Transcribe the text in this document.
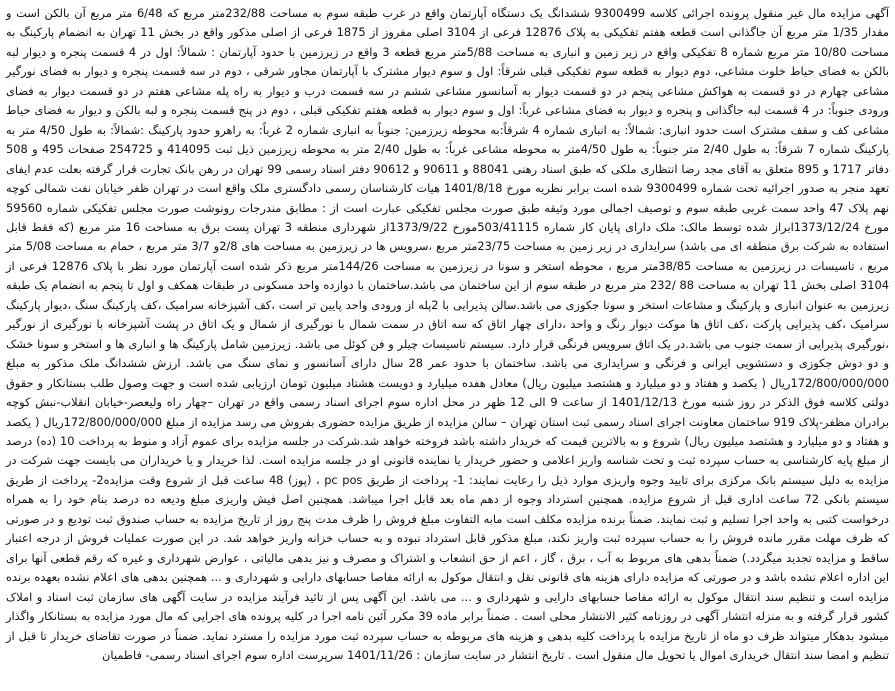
آگهی مزایده مال غیر منقول پرونده اجرائی کلاسه 9300499 ششدانگ یک دستگاه آپارتمان واقع در غرب طبقه سوم به مساحت 232/88متر مربع که 6/48 متر مربع آن بالکن است و مقدار 1/35 متر مربع آن جاگذانی است قطعه هفتم تفکیکی به پلاک 12876 فرعی از 3104 اصلی مفروز از 1875 فرعی از اصلی مذکور واقع در بخش 11 تهران به انضمام پارکینگ به مساحت 10/80 متر مربع شماره 8 تفکیکی واقع در زیر زمین و انباری به مساحت 5/88متر مربع قطعه 3 واقع در زیرزمین با حدود آپارتمان : شمالاً: اول در 4 قسمت پنجره و دیوار لبه بالکن به فضای حیاط خلوت مشاعی، دوم دیوار به قطعه سوم تفکیکی قبلی شرقاً: اول و سوم دیوار مشترک با آپارتمان مجاور شرقی ، دوم در سه قسمت پنجره و دیوار به فضای نورگیر مشاعی چهارم در دو قسمت به هواکش مشاعی پنجم در دو قسمت دیوار به آسانسور مشاعی ششم در سه قسمت درب و دیوار به راه پله مشاعی هفتم در دو قسمت دیوار به فضای ورودی جنوباً: در 4 قسمت لبه جاگذانی و پنجره و دیوار به فضای مشاعی غرباً: اول و سوم دیوار به قطعه هفتم تفکیکی قبلی ، دوم در پنج قسمت پنجره و لبه بالکن و دیوار به فضای حیاط مشاعی کف و سقف مشترک است حدود انباری: شمالاً: به انباری شماره 4 شرقاً:به محوطه زیرزمین: جنوباً به انباری شماره 2 غرباً: به راهرو حدود پارکینگ :شمالاً: به طول 4/50 متر به پارکینگ شماره 7 شرقاً: به طول 2/40 متر جنوباً: به طول 4/50متر به محوطه مشاعی غرباً: به طول 2/40 متر به محوطه زیرزمین ذیل ثبت 414095 و 254725 صفحات 495 و 508 دفاتر 1717 و 895 متعلق به آقای مجد رضا انتظاری ملکی که طبق اسناد رهنی 88041 و 90611 و 90612 دفتر اسناد رسمی 99 تهران در رهن بانک تجارت قرار گرفته بعلت عدم ایفای تعهد منجر به صدور اجرائیه تحت شماره 9300499 شده است برابر نظریه مورخ 1401/8/18 هیات کارشناسان رسمی دادگستری ملک واقع است در تهران ظفر خیابان نفت شمالی کوچه نهم پلاک 47 واحد سمت غربی طبقه سوم و توصیف اجمالی مورد وثیقه طبق صورت مجلس تفکیکی عبارت است از : مطابق مندرجات رونوشت صورت مجلس تفکیکی شماره 59560 مورخ 1373/12/24ابراز شده توسط مالک: ملک دارای پایان کار شماره 503/41115مورخ 1373/9/22از شهرداری منطقه 3 تهران پست برق به مساحت 16 متر مربع (که فقط قابل استفاده به شرکت برق منطقه ای می باشد) سرایداری در زیر زمین به مساحت 23/75متر مربع ،سرویس ها در زیرزمین به مساحت های 2/8و 3/7 متر مربع ، حمام به مساحت 5/08 متر مربع ، تاسیسات در زیرزمین به مساحت 38/85متر مربع ، محوطه استخر و سونا در زیرزمین به مساحت 144/26متر مربع ذکر شده است آپارتمان مورد نظر با پلاک 12876 فرعی از 3104 اصلی بخش 11 تهران به مساحت 88 /232 متر مربع در طبقه سوم از این ساختمان می باشد.ساختمان با دوازده واحد مسکونی در طبقات همکف و اول تا پنجم به انضمام یک طبقه زیرزمین به عنوان انباری و پارکینگ و مشاعات استخر و سونا جکوزی می باشد.سالن پذیرایی با 2پله از ورودی واحد پایین تر است ،کف آشپزخانه سرامیک ،کف پارکینگ سنگ ،دیوار پارکینگ سرامیک ،کف پذیرایی پارکت ،کف اتاق ها موکت دیوار رنگ و واحد ،دارای چهار اتاق که سه اتاق در سمت شمال با نورگیری از شمال و یک اتاق در پشت آشپزخانه با نورگیری از نورگیر ،نورگیری پذیرایی از سمت جنوب می باشد.در یک اتاق سرویس فرنگی قرار دارد. سیستم تاسیسات چیلر و فن کوئل می باشد. زیرزمین شامل پارکینگ ها و انباری ها و استخر و سونا خشک و دو دوش جکوزی و دستشویی ایرانی و فرنگی و سرایداری می باشد. ساختمان با حدود عمر 28 سال دارای آسانسور و نمای سنگ می باشد. ارزش ششدانگ ملک مذکور به مبلغ 172/800/000/000ریال ( یکصد و هفتاد و دو میلیارد و هشتصد میلیون ریال) معادل هفده میلیارد و دویست هشتاد میلیون تومان ارزیابی شده است و جهت وصول طلب بستانکار و حقوق دولتی کلاسه فوق الذکر در روز شنبه مورخ 1401/12/13 از ساعت 9 الی 12 ظهر در محل اداره سوم اجرای اسناد رسمی واقع در تهران –چهار راه ولیعصر-خیابان انقلاب-نبش کوچه برادران مظفر-پلاک 919 ساختمان معاونت اجرای اسناد رسمی ثبت استان تهران – سالن مزایده از طریق مزایده حضوری بفروش می رسد مزایده از مبلغ 172/800/000/000ریال ( یکصد و هفتاد و دو میلیارد و هشتصد میلیون ریال) شروع و به بالاترین قیمت که خریدار داشته باشد فروخته خواهد شد.شرکت در جلسه مزایده برای عموم آزاد و منوط به پرداخت 10 (ده) درصد از مبلغ پایه کارشناسی به حساب سپرده ثبت و تحت شناسه واریز اعلامی و حضور خریدار یا نماینده قانونی او در جلسه مزایده است. لذا خریدار و یا خریداران می بایست جهت شرکت در مزایده به دلیل سیستم بانک مرکزی برای تایید وجوه واریزی موارد ذیل را رعایت نمایند: 1- پرداخت از طریق pc pos ، (پوز) 48 ساعت قبل از شروع وقت مزایده2- پرداخت از طریق سیستم بانکی 72 ساعت اداری قبل از شروع مزایده. همچنین استرداد وجوه از دهم ماه بعد قابل اجرا میباشد. همچنین اصل فیش واریزی مبلغ ودیعه ده درصد بنام خود را به همراه درخواست کتبی به واحد اجرا تسلیم و ثبت نمایند. ضمناً برنده مزایده مکلف است مابه التفاوت مبلغ فروش را ظرف مدت پنج روز از تاریخ مزایده به حساب صندوق ثبت تودیع و در صورتی که ظرف مهلت مقرر مانده فروش را به حساب سپرده ثبت واریز نکند، مبلغ مذکور قابل استرداد نبوده و به حساب خزانه واریز خواهد شد. در این صورت عملیات فروش از درجه اعتبار ساقط و مزایده تجدید میگردد.) ضمناً بدهی های مربوط به آب ، برق ، گاز ، اعم از حق انشعاب و اشتراک و مصرف و نیز بدهی مالیاتی ، عوارض شهرداری و غیره که رقم قطعی آنها برای این اداره اعلام نشده باشد و در صورتی که مزایده دارای هزینه های قانونی نقل و انتقال موکول به ارائه مفاصا حسابهای دارایی و شهرداری و ... همچنین بدهی های اعلام نشده بعهده برنده مزایده است و تنظیم سند انتقال موکول به ارائه مفاصا حسابهای دارایی و شهرداری و ... می باشد. این آگهی پس از تائید فرآیند مزایده در سایت آگهی های سازمان ثبت اسناد و املاک کشور قرار گرفته و به منزله انتشار آگهی در روزنامه کثیر الانتشار محلی است . ضمناً برابر ماده 39 مکرر آئین نامه اجرا در کلیه پرونده های اجرایی که مال مورد مزایده به بستانکار واگذار میشود بدهکار میتواند ظرف دو ماه از تاریخ مزایده با پرداخت کلیه بدهی و هزینه های مربوطه به حساب سپرده ثبت مورد مزایده را مسترد نماید. ضمناً در صورت تقاضای خریدار تا قبل از تنظیم و امضا سند انتقال خریداری اموال یا تحویل مال منقول است . تاریخ انتشار در سایت سازمان : 1401/11/26 سرپرست اداره سوم اجرای اسناد رسمی- فاطمیان
